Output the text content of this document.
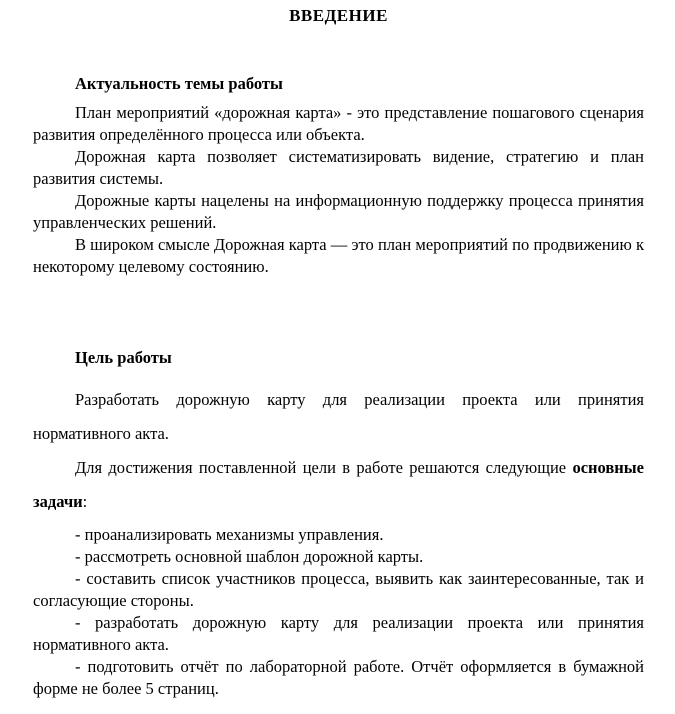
ВВЕДЕНИЕ

Актуальность темы работы

План мероприятий «дорожная карта» - это представление пошагового сценария развития определённого процесса или объекта.

Дорожная карта позволяет систематизировать видение, стратегию и план развития системы.

Дорожные карты нацелены на информационную поддержку процесса принятия управленческих решений.

В широком смысле Дорожная карта — это план мероприятий по продвижению к некоторому целевому состоянию.

Цель работы

Разработать дорожную карту для реализации проекта или принятия нормативного акта.

Для достижения поставленной цели в работе решаются следующие основные задачи:

- проанализировать механизмы управления.

- рассмотреть основной шаблон дорожной карты.

- составить список участников процесса, выявить как заинтересованные, так и согласующие стороны.

- разработать дорожную карту для реализации проекта или принятия нормативного акта.

- подготовить отчёт по лабораторной работе. Отчёт оформляется в бумажной форме не более 5 страниц.
